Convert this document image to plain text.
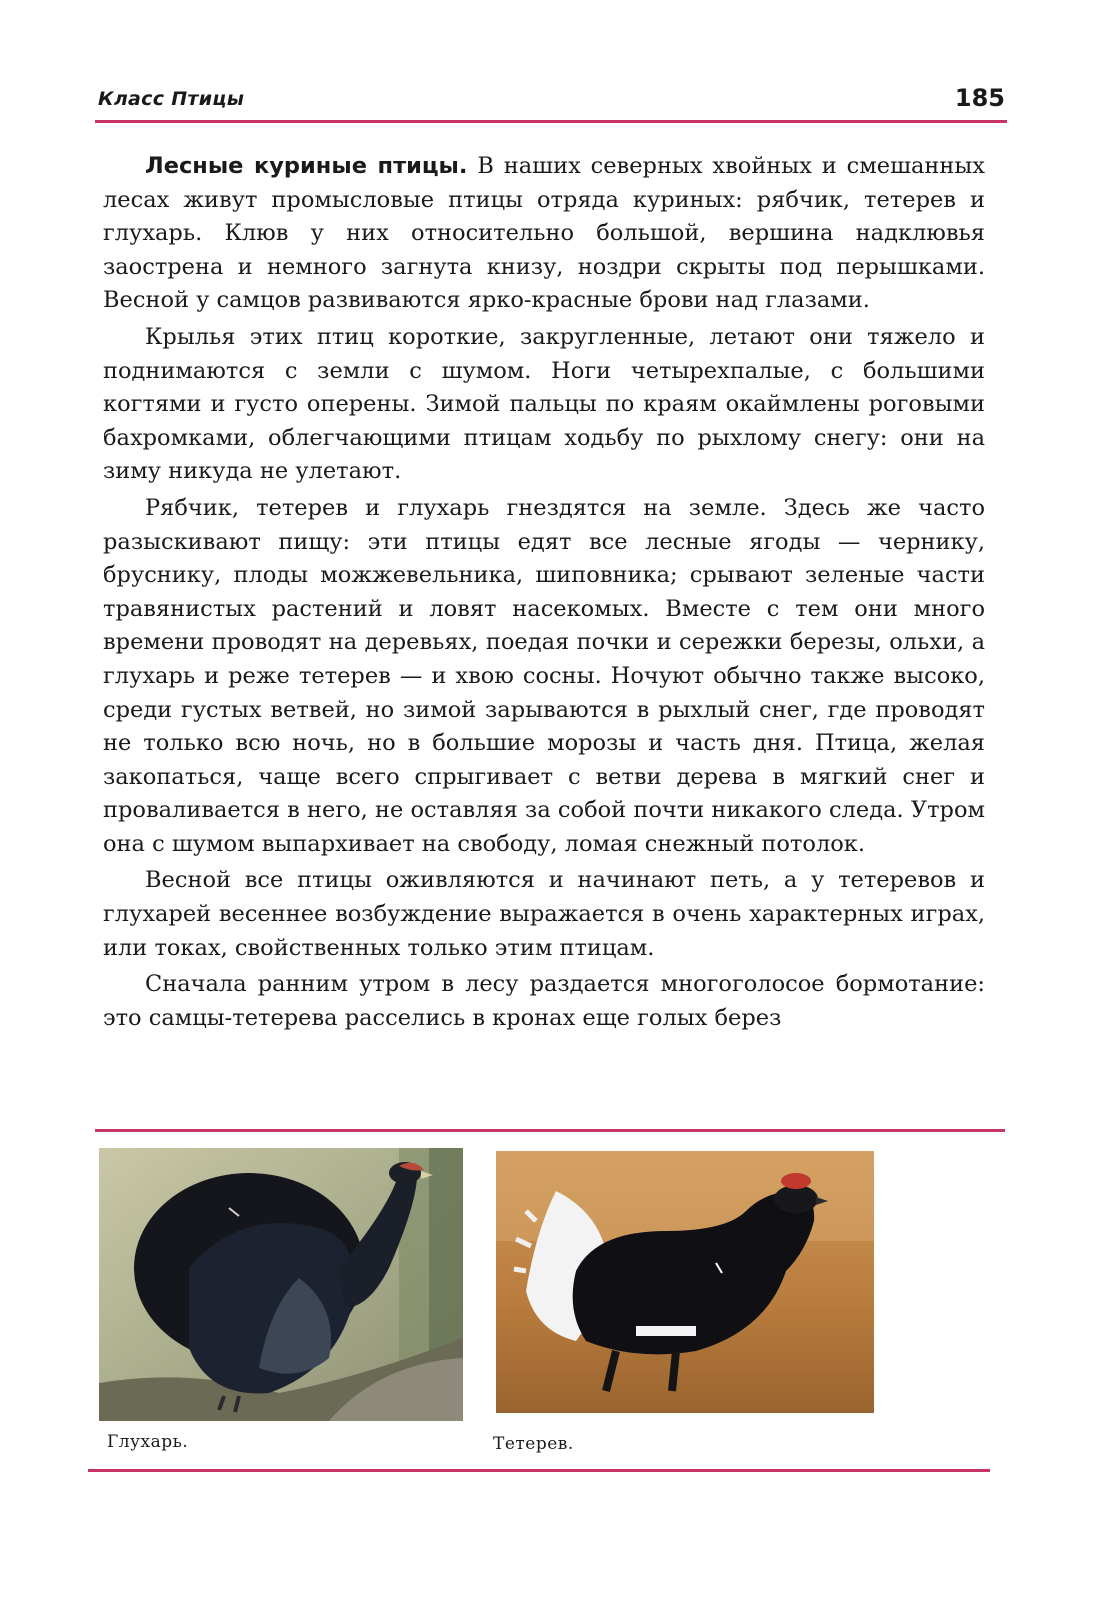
Класс Птицы	185

Лесные куриные птицы. В наших северных хвойных и смешанных лесах живут промысловые птицы отряда куриных: рябчик, тетерев и глухарь. Клюв у них относительно большой, вершина надклювья заострена и немного загнута книзу, ноздри скрыты под перышками. Весной у самцов развиваются ярко-красные брови над глазами.

Крылья этих птиц короткие, закругленные, летают они тяжело и поднимаются с земли с шумом. Ноги четырехпалые, с большими когтями и густо оперены. Зимой пальцы по краям окаймлены роговыми бахромками, облегчающими птицам ходьбу по рыхлому снегу: они на зиму никуда не улетают.

Рябчик, тетерев и глухарь гнездятся на земле. Здесь же часто разыскивают пищу: эти птицы едят все лесные ягоды — чернику, бруснику, плоды можжевельника, шиповника; срывают зеленые части травянистых растений и ловят насекомых. Вместе с тем они много времени проводят на деревьях, поедая почки и сережки березы, ольхи, а глухарь и реже тетерев — и хвою сосны. Ночуют обычно также высоко, среди густых ветвей, но зимой зарываются в рыхлый снег, где проводят не только всю ночь, но в большие морозы и часть дня. Птица, желая закопаться, чаще всего спрыгивает с ветви дерева в мягкий снег и проваливается в него, не оставляя за собой почти никакого следа. Утром она с шумом выпархивает на свободу, ломая снежный потолок.

Весной все птицы оживляются и начинают петь, а у тетеревов и глухарей весеннее возбуждение выражается в очень характерных играх, или токах, свойственных только этим птицам.

Сначала ранним утром в лесу раздается многоголосое бормотание: это самцы-тетерева расселись в кронах еще голых берез

Глухарь.	Тетерев.
